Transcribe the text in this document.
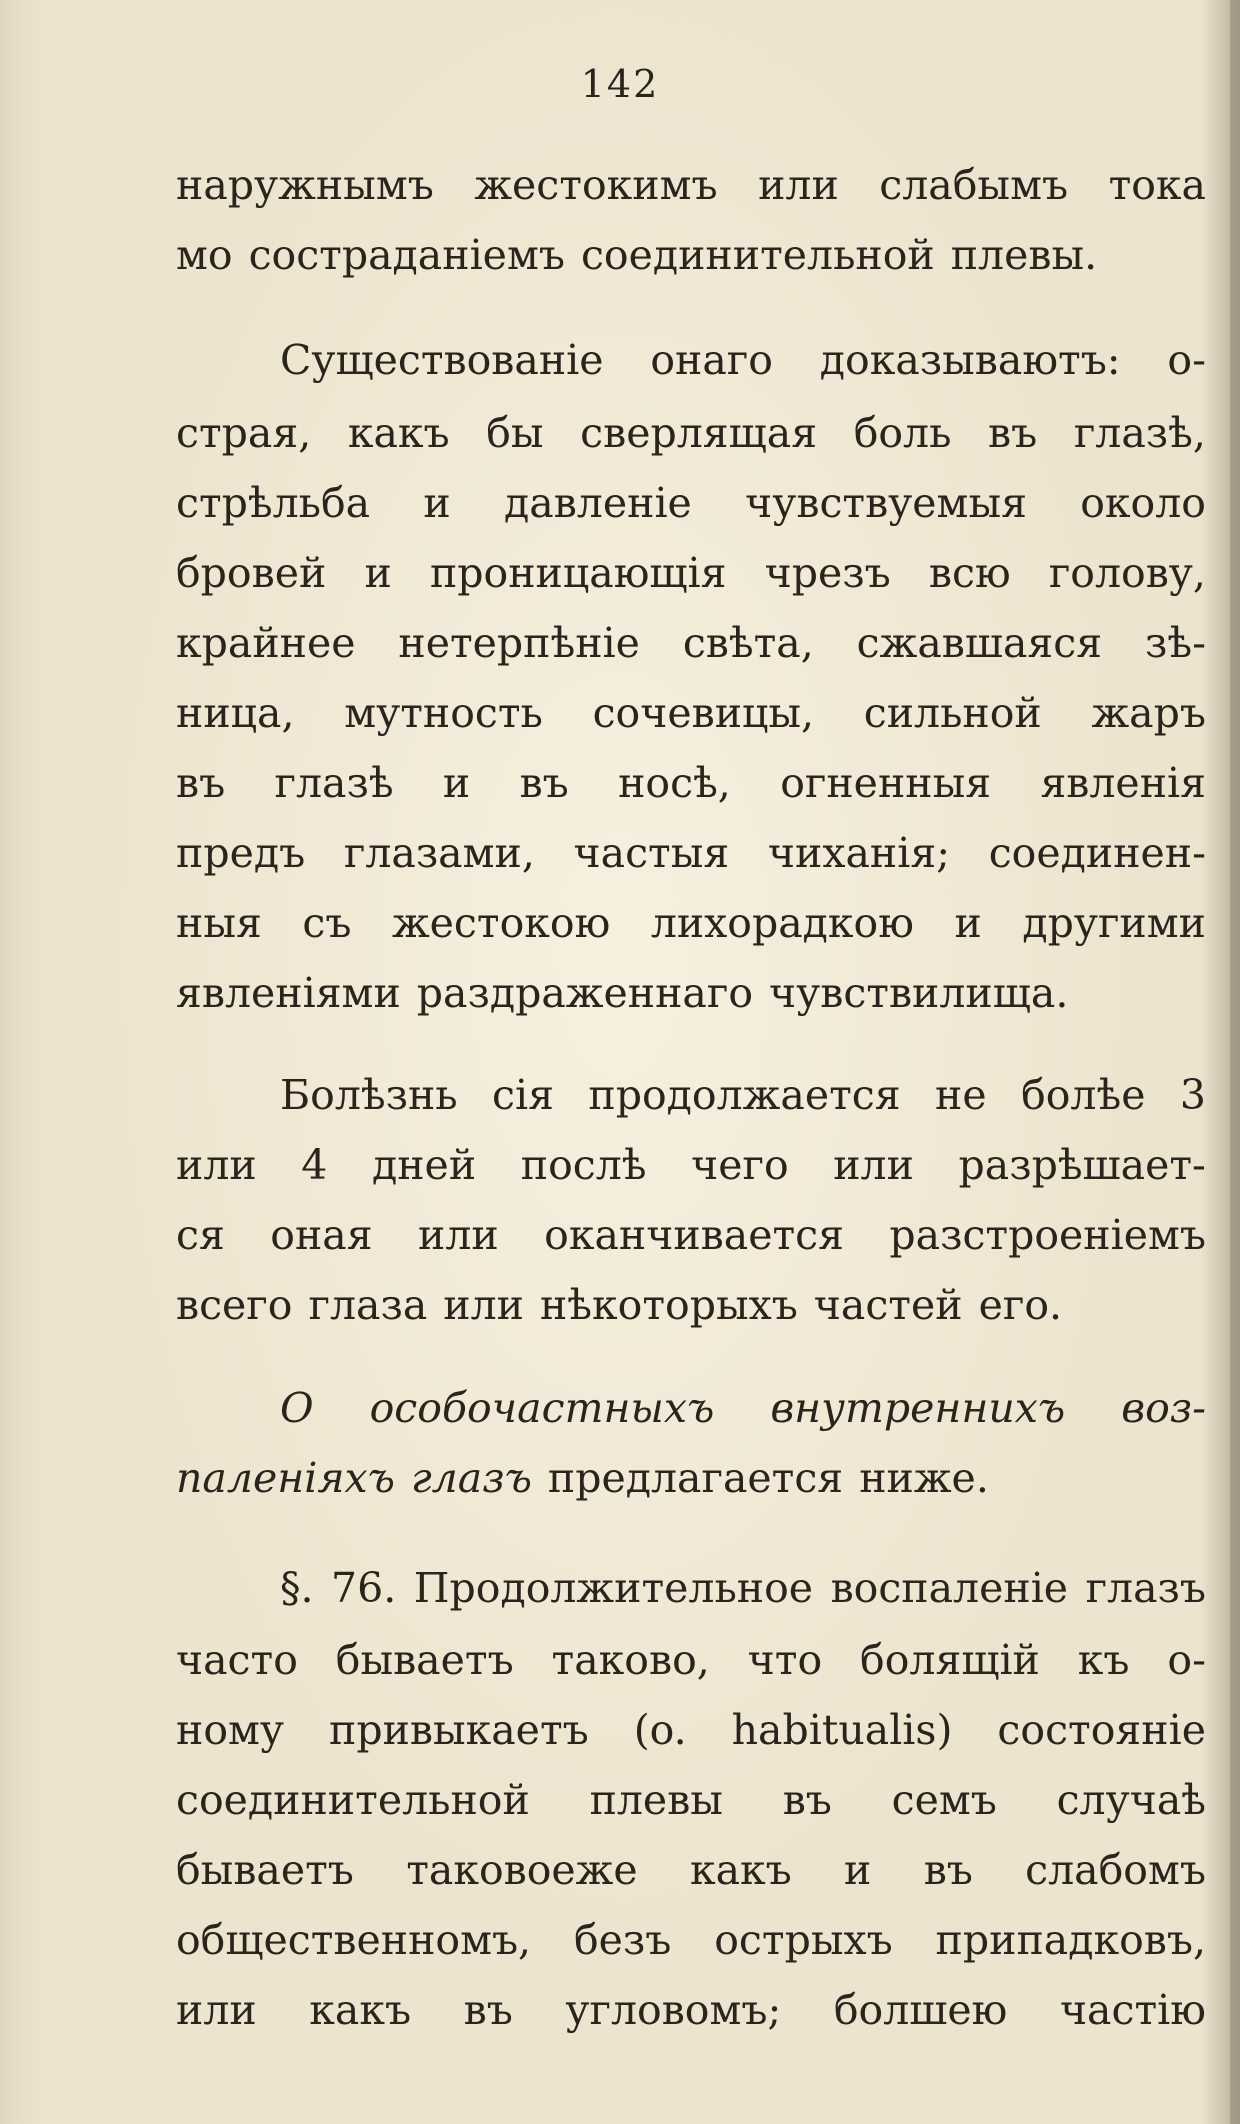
142
наружнымъ жестокимъ или слабымъ тока
мо состраданіемъ соединительной плевы.
Существованіе онаго доказываютъ: о-
страя, какъ бы сверлящая боль въ глазѣ,
стрѣльба и давленіе чувствуемыя около
бровей и проницающія чрезъ всю голову,
крайнее нетерпѣніе свѣта, сжавшаяся зѣ-
ница, мутность сочевицы, сильной жаръ
въ глазѣ и въ носѣ, огненныя явленія
предъ глазами, частыя чиханія; соединен-
ныя съ жестокою лихорадкою и другими
явленіями раздраженнаго чувствилища.
Болѣзнь сія продолжается не болѣе 3
или 4 дней послѣ чего или разрѣшает-
ся оная или оканчивается разстроеніемъ
всего глаза или нѣкоторыхъ частей его.
О особочастныхъ внутреннихъ воз-
паленіяхъ глазъ предлагается ниже.
§. 76. Продолжительное воспаленіе глазъ
часто бываетъ таково, что болящій къ о-
ному привыкаетъ (o. habitualis) состояніе
соединительной плевы въ семъ случаѣ
бываетъ таковоеже какъ и въ слабомъ
общественномъ, безъ острыхъ припадковъ,
или какъ въ угловомъ; болшею частію
